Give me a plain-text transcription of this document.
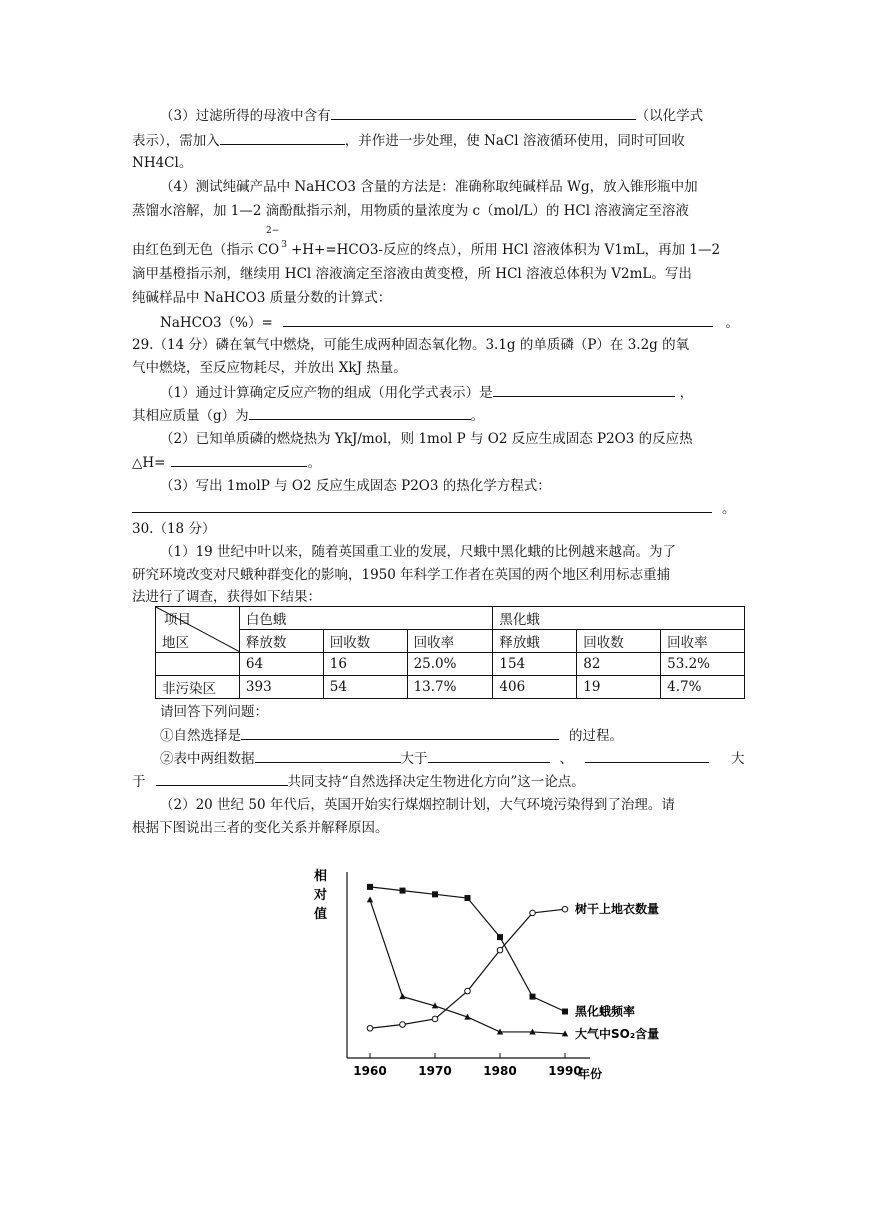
（3）过滤所得的母液中含有	（以化学式
表示），需加入	，并作进一步处理，使 NaCl 溶液循环使用，同时可回收
NH4Cl。
（4）测试纯碱产品中 NaHCO3 含量的方法是：准确称取纯碱样品 Wg，放入锥形瓶中加
蒸馏水溶解，加 1—2 滴酚酞指示剂，用物质的量浓度为 c（mol/L）的 HCl 溶液滴定至溶液
2−
由红色到无色（指示 CO $^3$ +H+=HCO3-反应的终点），所用 HCl 溶液体积为 V1mL，再加 1—2
滴甲基橙指示剂，继续用 HCl 溶液滴定至溶液由黄变橙，所 HCl 溶液总体积为 V2mL。写出
纯碱样品中 NaHCO3 质量分数的计算式：
NaHCO3（%）=	。
29.（14 分）磷在氧气中燃烧，可能生成两种固态氧化物。3.1g 的单质磷（P）在 3.2g 的氧
气中燃烧，至反应物耗尽，并放出 XkJ 热量。
（1）通过计算确定反应产物的组成（用化学式表示）是	，
其相应质量（g）为	。
（2）已知单质磷的燃烧热为 YkJ/mol，则 1mol P 与 O2 反应生成固态 P2O3 的反应热
△H=	。
（3）写出 1molP 与 O2 反应生成固态 P2O3 的热化学方程式：
。
30.（18 分）
（1）19 世纪中叶以来，随着英国重工业的发展，尺蛾中黑化蛾的比例越来越高。为了
研究环境改变对尺蛾种群变化的影响，1950 年科学工作者在英国的两个地区利用标志重捕
法进行了调查，获得如下结果：
项目
地区	白色蛾			黑化蛾		
	释放数	回收数	回收率	释放蛾	回收数	回收率
	64	16	25.0%	154	82	53.2%
非污染区	393	54	13.7%	406	19	4.7%
请回答下列问题：
①自然选择是	的过程。
②表中两组数据	大于	、	大
于	共同支持“自然选择决定生物进化方向”这一论点。
（2）20 世纪 50 年代后，英国开始实行煤烟控制计划，大气环境污染得到了治理。请
根据下图说出三者的变化关系并解释原因。
相
对
值
1960	1970	1980	1990
树干上地衣数量
黑化蛾频率
大气中SO₂含量
年份
